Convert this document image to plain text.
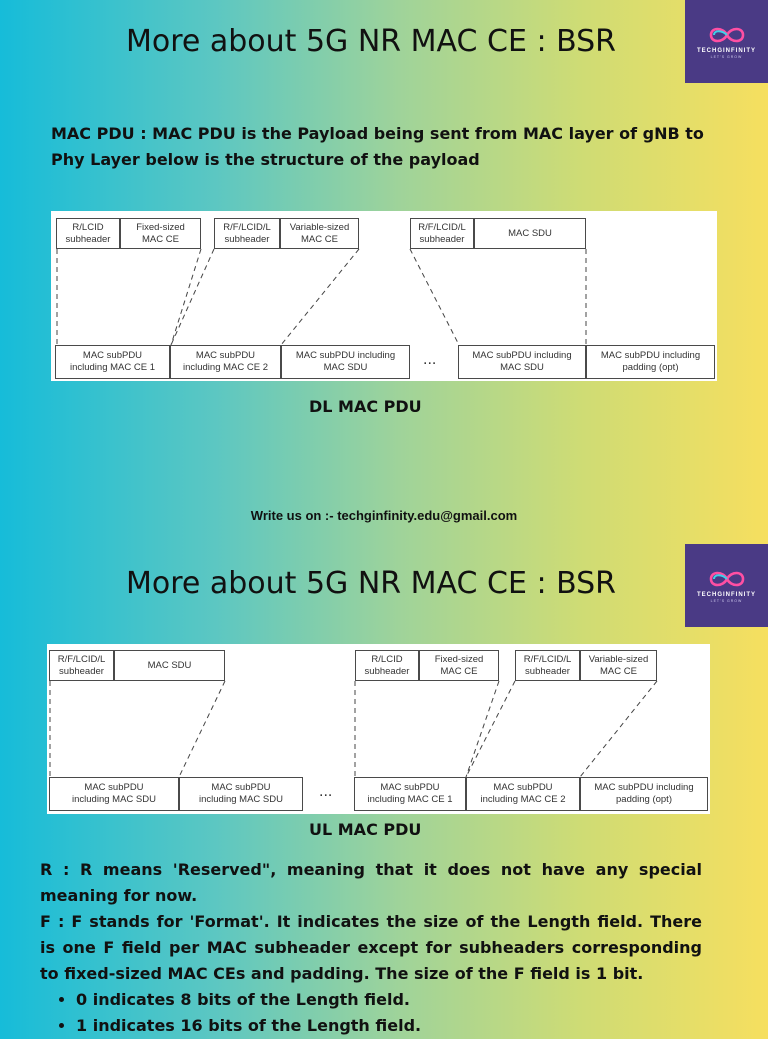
More about 5G NR MAC CE : BSR	TECHGINFINITY
LET'S GROW

MAC PDU : MAC PDU is the Payload being sent from MAC layer of gNB to Phy Layer below is the structure of the payload

R/LCID
subheader
Fixed-sized
MAC CE
R/F/LCID/L
subheader
Variable-sized
MAC CE
R/F/LCID/L
subheader
MAC SDU
MAC subPDU
including MAC CE 1
MAC subPDU
including MAC CE 2
MAC subPDU including
MAC SDU	...	MAC subPDU including
MAC SDU
MAC subPDU including
padding (opt)
DL MAC PDU
Write us on :- techginfinity.edu@gmail.com
More about 5G NR MAC CE : BSR	TECHGINFINITY
LET'S GROW
R/F/LCID/L
subheader
MAC SDU
R/LCID
subheader
Fixed-sized
MAC CE
R/F/LCID/L
subheader
Variable-sized
MAC CE
MAC subPDU
including MAC SDU
MAC subPDU
including MAC SDU	...	MAC subPDU
including MAC CE 1
MAC subPDU
including MAC CE 2
MAC subPDU including
padding (opt)
UL MAC PDU

R : R means 'Reserved", meaning that it does not have any special meaning for now.

F : F stands for 'Format'. It indicates the size of the Length field. There is one F field per MAC subheader except for subheaders corresponding to fixed-sized MAC CEs and padding. The size of the F field is 1 bit.

• 0 indicates 8 bits of the Length field.
• 1 indicates 16 bits of the Length field.
